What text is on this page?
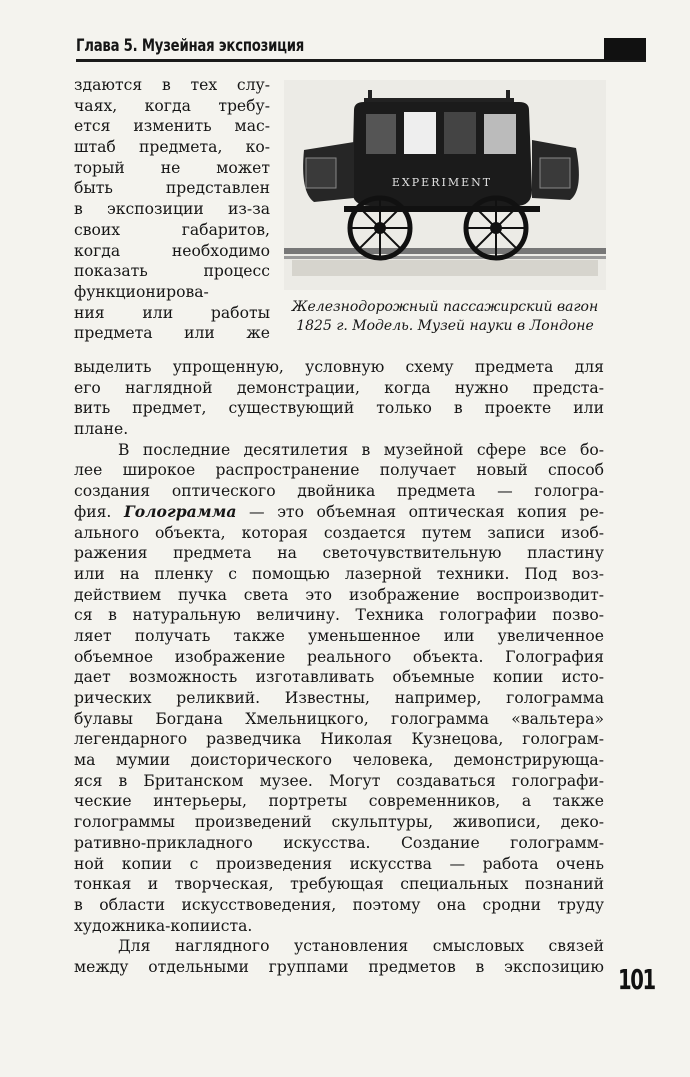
Глава 5. Музейная экспозиция
здаются в тех слу-
чаях, когда требу-
ется изменить мас-
штаб предмета, ко-
торый не может
быть представлен
в экспозиции из-за
своих габаритов,
когда необходимо
показать процесс
функционирова-
ния или работы
предмета или же
EXPERIMENT
Железнодорожный пассажирский вагон
1825 г. Модель. Музей науки в Лондоне
выделить упрощенную, условную схему предмета для
его наглядной демонстрации, когда нужно предста-
вить предмет, существующий только в проекте или
плане.
В последние десятилетия в музейной сфере все бо-
лее широкое распространение получает новый способ
создания оптического двойника предмета — гологра-
фия. Голограмма — это объемная оптическая копия ре-
ального объекта, которая создается путем записи изоб-
ражения предмета на светочувствительную пластину
или на пленку с помощью лазерной техники. Под воз-
действием пучка света это изображение воспроизводит-
ся в натуральную величину. Техника голографии позво-
ляет получать также уменьшенное или увеличенное
объемное изображение реального объекта. Голография
дает возможность изготавливать объемные копии исто-
рических реликвий. Известны, например, голограмма
булавы Богдана Хмельницкого, голограмма «вальтера»
легендарного разведчика Николая Кузнецова, голограм-
ма мумии доисторического человека, демонстрирующа-
яся в Британском музее. Могут создаваться голографи-
ческие интерьеры, портреты современников, а также
голограммы произведений скульптуры, живописи, деко-
ративно-прикладного искусства. Создание голограмм-
ной копии с произведения искусства — работа очень
тонкая и творческая, требующая специальных познаний
в области искусствоведения, поэтому она сродни труду
художника-копииста.
Для наглядного установления смысловых связей
между отдельными группами предметов в экспозицию 101
